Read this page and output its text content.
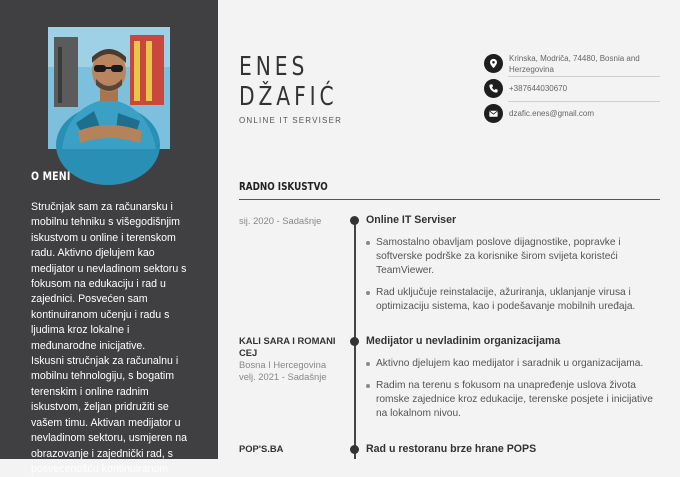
O MENI

Stručnjak sam za računarsku i mobilnu tehniku s višegodišnjim iskustvom u online i terenskom radu. Aktivno djelujem kao medijator u nevladinom sektoru s fokusom na edukaciju i rad u zajednici. Posvećen sam kontinuiranom učenju i radu s ljudima kroz lokalne i međunarodne inicijative.

Iskusni stručnjak za računalnu i mobilnu tehnologiju, s bogatim terenskim i online radnim iskustvom, željan pridružiti se vašem timu. Aktivan medijator u nevladinom sektoru, usmjeren na obrazovanje i zajednički rad, s posvećenošću kontinuiranom

ENES
DŽAFIĆ
ONLINE IT SERVISER
Krinska, Modriča, 74480, Bosnia and Herzegovina
+387644030670
dzafic.enes@gmail.com
RADNO ISKUSTVO
sij. 2020 - Sadašnje	Online IT Serviser
Samostalno obavljam poslove dijagnostike, popravke i softverske podrške za korisnike širom svijeta koristeći TeamViewer.
Rad uključuje reinstalacije, ažuriranja, uklanjanje virusa i optimizaciju sistema, kao i podešavanje mobilnih uređaja.
KALI SARA I ROMANI CEJ
Bosna I Hercegovina
velj. 2021 - Sadašnje
Medijator u nevladinim organizacijama
Aktivno djelujem kao medijator i saradnik u organizacijama.
Radim na terenu s fokusom na unapređenje uslova života romske zajednice kroz edukacije, terenske posjete i inicijative na lokalnom nivou.
POP'S.BA	Rad u restoranu brze hrane POPS
